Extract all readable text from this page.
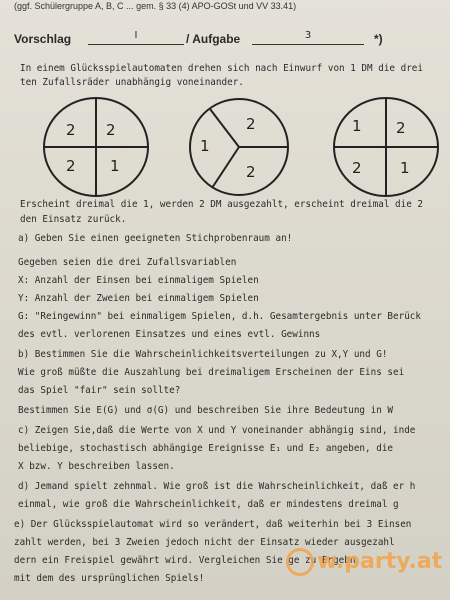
(ggf. Schülergruppe A, B, C ... gem. § 33 (4) APO-GOSt und VV 33.41)
Vorschlag	I	/ Aufgabe	3	*)
In einem Glücksspielautomaten drehen sich nach Einwurf von 1 DM die drei
ten Zufallsräder unabhängig voneinander.
2 2
2 1
1
2
2
1 2
2	1
Erscheint dreimal die 1, werden 2 DM ausgezahlt, erscheint dreimal die 2
den Einsatz zurück.
a) Geben Sie einen geeigneten Stichprobenraum an!
Gegeben seien die drei Zufallsvariablen
X: Anzahl der Einsen bei einmaligem Spielen
Y: Anzahl der Zweien bei einmaligem Spielen
G: "Reingewinn" bei einmaligem Spielen, d.h. Gesamtergebnis unter Berück
des evtl. verlorenen Einsatzes und eines evtl. Gewinns
b) Bestimmen Sie die Wahrscheinlichkeitsverteilungen zu X,Y und G!
Wie groß müßte die Auszahlung bei dreimaligem Erscheinen der Eins sei
das Spiel "fair" sein sollte?
Bestimmen Sie E(G) und σ(G) und beschreiben Sie ihre Bedeutung in W
c) Zeigen Sie,daß die Werte von X und Y voneinander abhängig sind, inde
beliebige, stochastisch abhängige Ereignisse E₁ und E₂ angeben, die
X bzw. Y beschreiben lassen.
d) Jemand spielt zehnmal. Wie groß ist die Wahrscheinlichkeit, daß er h
einmal, wie groß die Wahrscheinlichkeit, daß er mindestens dreimal g
e) Der Glücksspielautomat wird so verändert, daß weiterhin bei 3 Einsen
zahlt werden, bei 3 Zweien jedoch nicht der Einsatz wieder ausgezahl
dern ein Freispiel gewährt wird. Vergleichen Sie ge zu Ergebn
mit dem des ursprünglichen Spiels!
w.party.at
